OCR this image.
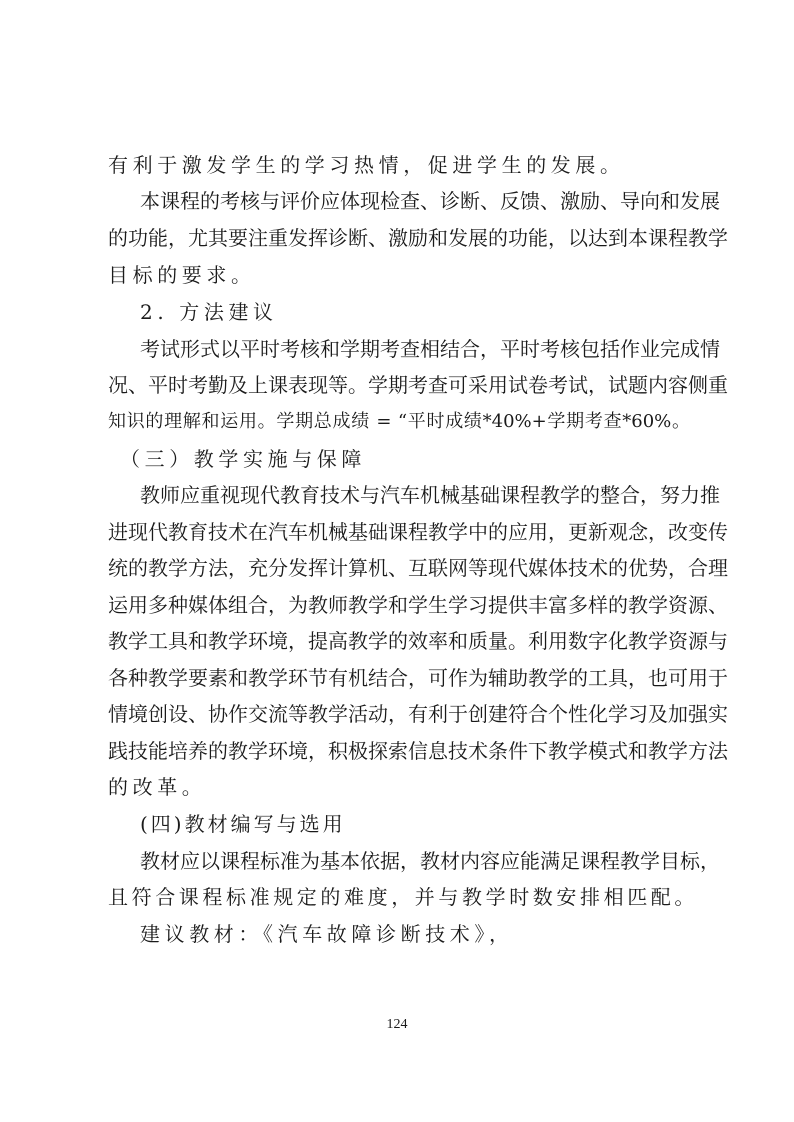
有利于激发学生的学习热情，促进学生的发展。
本课程的考核与评价应体现检查、诊断、反馈、激励、导向和发展
的功能，尤其要注重发挥诊断、激励和发展的功能，以达到本课程教学
目标的要求。
2. 方法建议
考试形式以平时考核和学期考查相结合，平时考核包括作业完成情
况、平时考勤及上课表现等。学期考查可采用试卷考试，试题内容侧重
知识的理解和运用。学期总成绩 = “平时成绩*40%+学期考查*60%。
（三）教学实施与保障
教师应重视现代教育技术与汽车机械基础课程教学的整合，努力推
进现代教育技术在汽车机械基础课程教学中的应用，更新观念，改变传
统的教学方法，充分发挥计算机、互联网等现代媒体技术的优势，合理
运用多种媒体组合，为教师教学和学生学习提供丰富多样的教学资源、
教学工具和教学环境，提高教学的效率和质量。利用数字化教学资源与
各种教学要素和教学环节有机结合，可作为辅助教学的工具，也可用于
情境创设、协作交流等教学活动，有利于创建符合个性化学习及加强实
践技能培养的教学环境，积极探索信息技术条件下教学模式和教学方法
的改革。
(四)教材编写与选用
教材应以课程标准为基本依据，教材内容应能满足课程教学目标，
且符合课程标准规定的难度，并与教学时数安排相匹配。
建议教材：《汽车故障诊断技术》，
124
